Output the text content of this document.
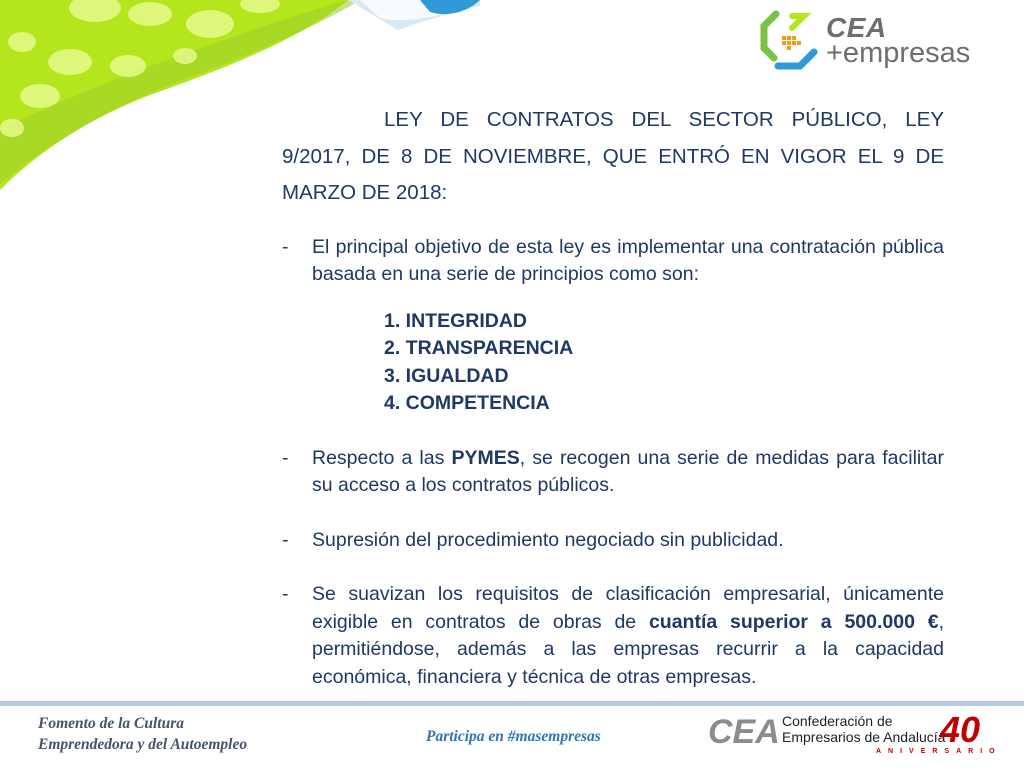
CEA
+empresas

LEY DE CONTRATOS DEL SECTOR PÚBLICO, LEY 9/2017, DE 8 DE NOVIEMBRE, QUE ENTRÓ EN VIGOR EL 9 DE MARZO DE 2018:

-	El principal objetivo de esta ley es implementar una contratación pública basada en una serie de principios como son:
1. INTEGRIDAD
2. TRANSPARENCIA
3. IGUALDAD
4. COMPETENCIA
-	Respecto a las PYMES, se recogen una serie de medidas para facilitar su acceso a los contratos públicos.
-	Supresión del procedimiento negociado sin publicidad.
-	Se suavizan los requisitos de clasificación empresarial, únicamente exigible en contratos de obras de cuantía superior a 500.000 €, permitiéndose, además a las empresas recurrir a la capacidad económica, financiera y técnica de otras empresas.
Fomento de la Cultura
Emprendedora y del Autoempleo	Participa en #masempresas	CEA Confederación de
Empresarios de Andalucía
40
ANIVERSARIO
